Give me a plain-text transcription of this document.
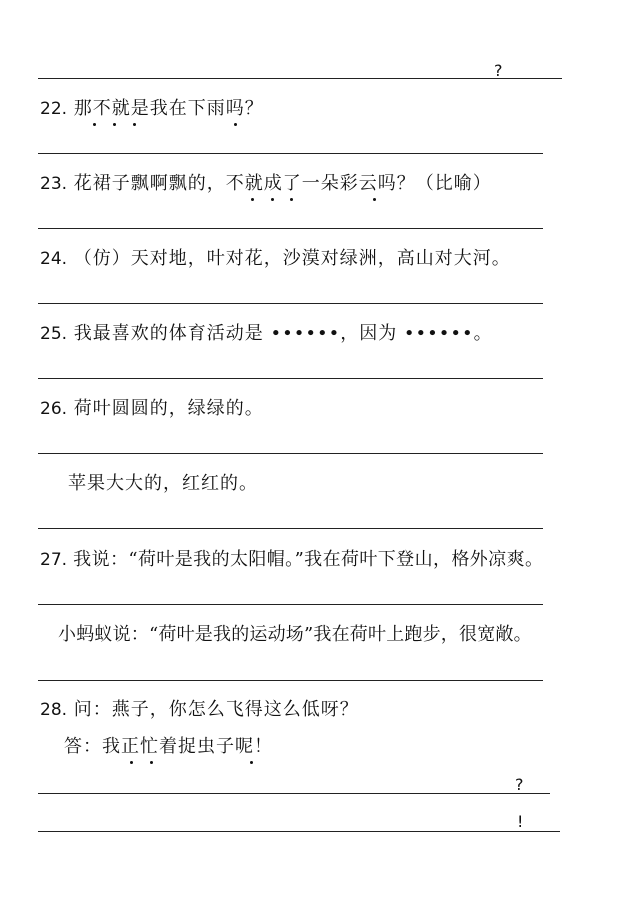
?
22. 那不就是我在下雨吗？
23. 花裙子飘啊飘的，不就成了一朵彩云吗？（比喻）
24. （仿）天对地，叶对花，沙漠对绿洲，高山对大河。
25. 我最喜欢的体育活动是 ••••••，因为 ••••••。
26. 荷叶圆圆的，绿绿的。
苹果大大的，红红的。
27. 我说：“荷叶是我的太阳帽。”我在荷叶下登山，格外凉爽。
小蚂蚁说：“荷叶是我的运动场”我在荷叶上跑步，很宽敞。
28. 问：燕子，你怎么飞得这么低呀？
答：我正忙着捉虫子呢！
?
!
